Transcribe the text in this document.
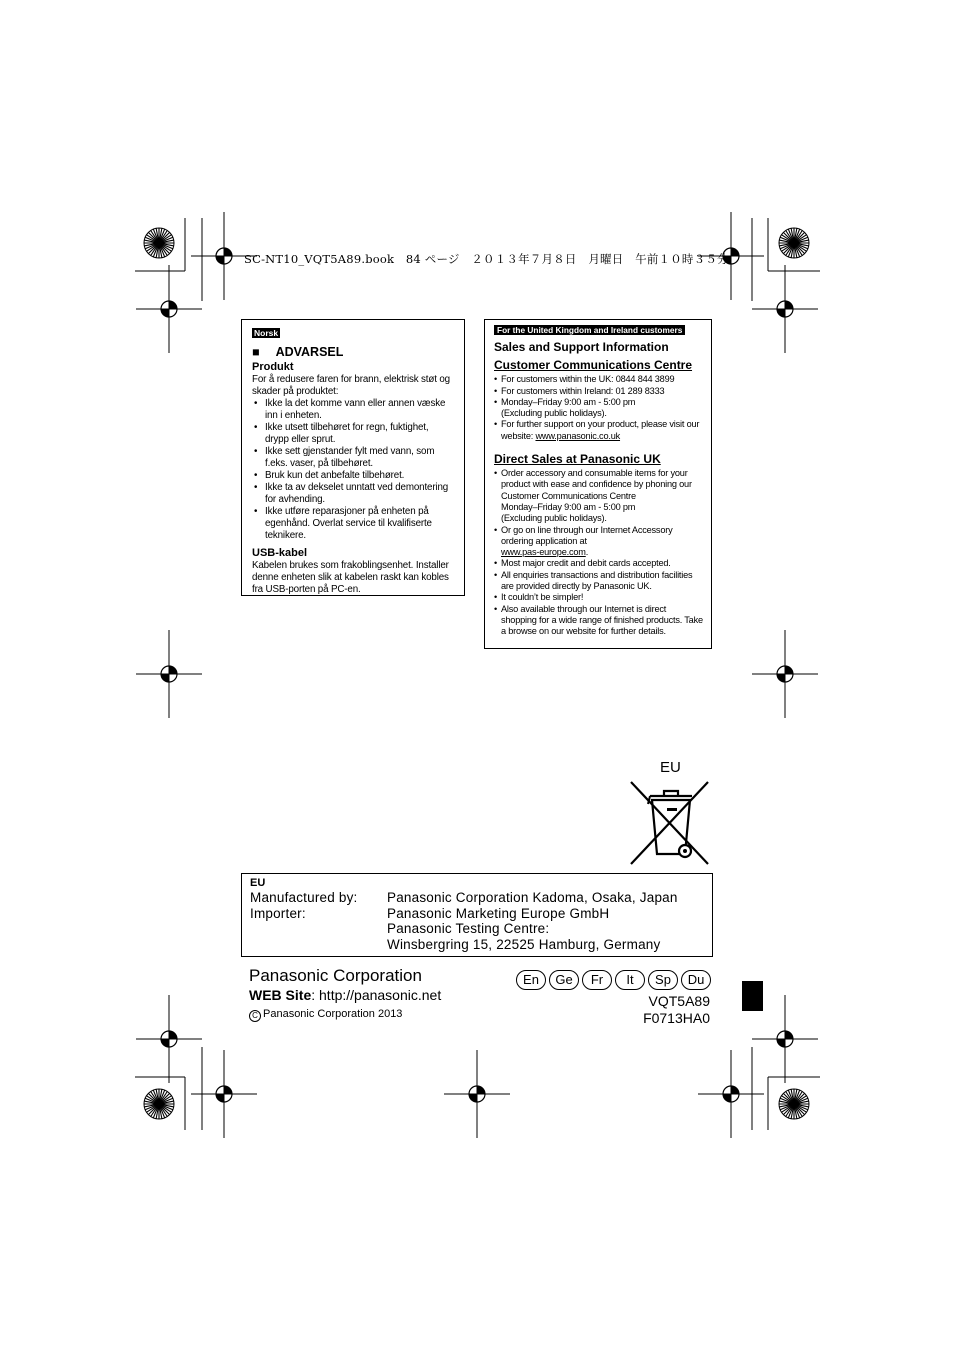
SC-NT10_VQT5A89.book　84 ページ　２０１３年７月８日　月曜日　午前１０時３５分
Norsk
■ ADVARSEL
Produkt
For å redusere faren for brann, elektrisk støt og skader på produktet:
• Ikke la det komme vann eller annen væske inn i enheten.
• Ikke utsett tilbehøret for regn, fuktighet, drypp eller sprut.
• Ikke sett gjenstander fylt med vann, som f.eks. vaser, på tilbehøret.
• Bruk kun det anbefalte tilbehøret.
• Ikke ta av dekselet unntatt ved demontering for avhending.
• Ikke utføre reparasjoner på enheten på egenhånd. Overlat service til kvalifiserte teknikere.
USB-kabel
Kabelen brukes som frakoblingsenhet. Installer denne enheten slik at kabelen raskt kan kobles fra USB-porten på PC-en.
For the United Kingdom and Ireland customers
Sales and Support Information
Customer Communications Centre
• For customers within the UK: 0844 844 3899
• For customers within Ireland: 01 289 8333
• Monday–Friday 9:00 am - 5:00 pm
(Excluding public holidays).
• For further support on your product, please visit our website: www.panasonic.co.uk
Direct Sales at Panasonic UK
• Order accessory and consumable items for your product with ease and confidence by phoning our Customer Communications Centre
Monday–Friday 9:00 am - 5:00 pm
(Excluding public holidays).
• Or go on line through our Internet Accessory ordering application at
www.pas-europe.com.
• Most major credit and debit cards accepted.
• All enquiries transactions and distribution facilities are provided directly by Panasonic UK.
• It couldn’t be simpler!
• Also available through our Internet is direct shopping for a wide range of finished products. Take a browse on our website for further details.
EU
EU
Manufactured by: Panasonic Corporation Kadoma, Osaka, Japan
Importer:	Panasonic Marketing Europe GmbH
Panasonic Testing Centre:
Winsbergring 15, 22525 Hamburg, Germany
Panasonic Corporation
WEB Site: http://panasonic.net
C Panasonic Corporation 2013
En Ge Fr It Sp Du
VQT5A89
F0713HA0
